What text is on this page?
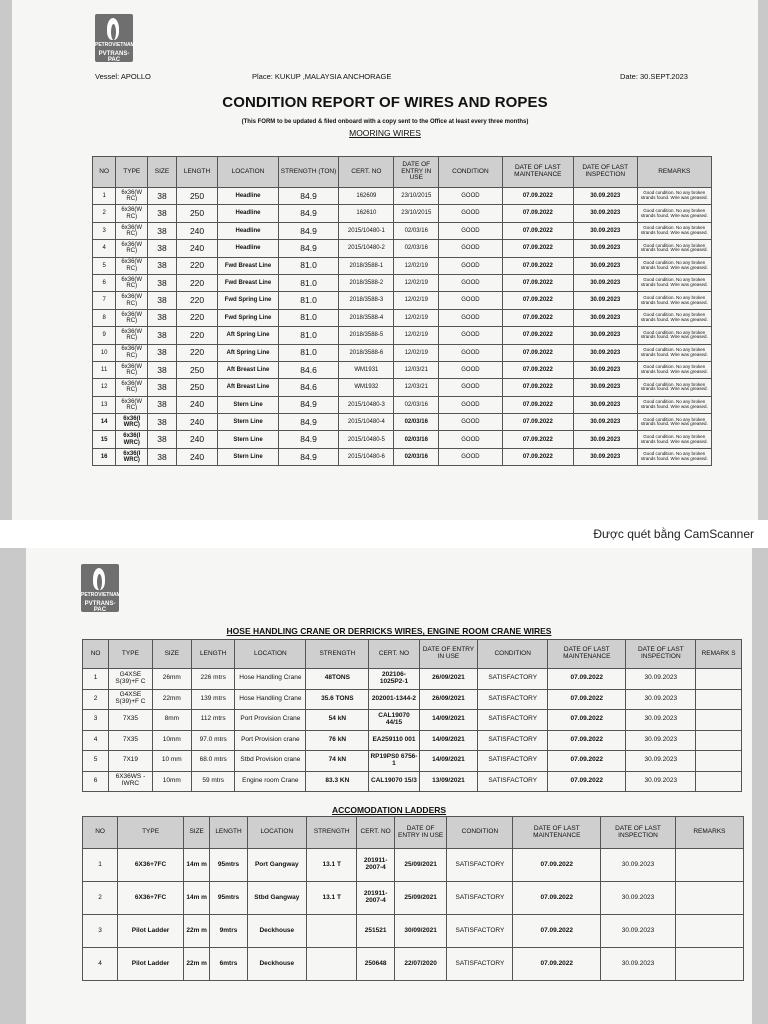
PETROVIETNAM
PVTRANS-PAC
Vessel: APOLLO	Place: KUKUP ,MALAYSIA ANCHORAGE	Date: 30.SEPT.2023
CONDITION REPORT OF WIRES AND ROPES
(This FORM to be updated & filed onboard with a copy sent to the Office at least every three months)
MOORING WIRES
NO	TYPE	SIZE	LENGTH	LOCATION	STRENGTH (TON)	CERT. NO	DATE OF ENTRY IN USE	CONDITION	DATE OF LAST MAINTENANCE	DATE OF LAST INSPECTION	REMARKS
1	6x36(W RC)	38	250	Headline	84.9	162609	23/10/2015	GOOD	07.09.2022	30.09.2023	Good condition. No any broken strands found. Wire was greased.
2	6x36(W RC)	38	250	Headline	84.9	162610	23/10/2015	GOOD	07.09.2022	30.09.2023	Good condition. No any broken strands found. Wire was greased.
3	6x36(W RC)	38	240	Headline	84.9	2015/10480-1	02/03/16	GOOD	07.09.2022	30.09.2023	Good condition. No any broken strands found. Wire was greased.
4	6x36(W RC)	38	240	Headline	84.9	2015/10480-2	02/03/16	GOOD	07.09.2022	30.09.2023	Good condition. No any broken strands found. Wire was greased.
5	6x36(W RC)	38	220	Fwd Breast Line	81.0	2018/3588-1	12/02/19	GOOD	07.09.2022	30.09.2023	Good condition. No any broken strands found. Wire was greased.
6	6x36(W RC)	38	220	Fwd Breast Line	81.0	2018/3588-2	12/02/19	GOOD	07.09.2022	30.09.2023	Good condition. No any broken strands found. Wire was greased.
7	6x36(W RC)	38	220	Fwd Spring Line	81.0	2018/3588-3	12/02/19	GOOD	07.09.2022	30.09.2023	Good condition. No any broken strands found. Wire was greased.
8	6x36(W RC)	38	220	Fwd Spring Line	81.0	2018/3588-4	12/02/19	GOOD	07.09.2022	30.09.2023	Good condition. No any broken strands found. Wire was greased.
9	6x36(W RC)	38	220	Aft Spring Line	81.0	2018/3588-5	12/02/19	GOOD	07.09.2022	30.09.2023	Good condition. No any broken strands found. Wire was greased.
10	6x36(W RC)	38	220	Aft Spring Line	81.0	2018/3588-6	12/02/19	GOOD	07.09.2022	30.09.2023	Good condition. No any broken strands found. Wire was greased.
11	6x36(W RC)	38	250	Aft Breast Line	84.6	WM1931	12/03/21	GOOD	07.09.2022	30.09.2023	Good condition. No any broken strands found. Wire was greased.
12	6x36(W RC)	38	250	Aft Breast Line	84.6	WM1932	12/03/21	GOOD	07.09.2022	30.09.2023	Good condition. No any broken strands found. Wire was greased.
13	6x36(W RC)	38	240	Stern Line	84.9	2015/10480-3	02/03/16	GOOD	07.09.2022	30.09.2023	Good condition. No any broken strands found. Wire was greased.
14	6x36(I WRC)	38	240	Stern Line	84.9	2015/10480-4	02/03/16	GOOD	07.09.2022	30.09.2023	Good condition. No any broken strands found. Wire was greased.
15	6x36(I WRC)	38	240	Stern Line	84.9	2015/10480-5	02/03/16	GOOD	07.09.2022	30.09.2023	Good condition. No any broken strands found. Wire was greased.
16	6x36(I WRC)	38	240	Stern Line	84.9	2015/10480-6	02/03/16	GOOD	07.09.2022	30.09.2023	Good condition. No any broken strands found. Wire was greased.
Được quét bằng CamScanner
PETROVIETNAM
PVTRANS-PAC
HOSE HANDLING CRANE OR DERRICKS WIRES, ENGINE ROOM CRANE WIRES
NO	TYPE	SIZE	LENGTH	LOCATION	STRENGTH	CERT. NO	DATE OF ENTRY IN USE	CONDITION	DATE OF LAST MAINTENANCE	DATE OF LAST INSPECTION	REMARK S
1	G4XSE S(39)+F C	26mm	226 mtrs	Hose Handling Crane	48TONS	202106-1025P2-1	26/09/2021	SATISFACTORY	07.09.2022	30.09.2023	
2	G4XSE S(39)+F C	22mm	139 mtrs	Hose Handling Crane	35.6 TONS	202001-1344-2	26/09/2021	SATISFACTORY	07.09.2022	30.09.2023	
3	7X35	8mm	112 mtrs	Port Provision Crane	54 kN	CAL19070 44/15	14/09/2021	SATISFACTORY	07.09.2022	30.09.2023	
4	7X35	10mm	97.0 mtrs	Port Provision crane	76 kN	EA259110 001	14/09/2021	SATISFACTORY	07.09.2022	30.09.2023	
5	7X19	10 mm	68.0 mtrs	Stbd Provision crane	74 kN	RP19PS0 6756-1	14/09/2021	SATISFACTORY	07.09.2022	30.09.2023	
6	6X36WS -IWRC	10mm	59 mtrs	Engine room Crane	83.3 KN	CAL19070 15/3	13/09/2021	SATISFACTORY	07.09.2022	30.09.2023	
ACCOMODATION LADDERS
NO	TYPE	SIZE	LENGTH	LOCATION	STRENGTH	CERT. NO	DATE OF ENTRY IN USE	CONDITION	DATE OF LAST MAINTENANCE	DATE OF LAST INSPECTION	REMARKS
1	6X36+7FC	14m m	95mtrs	Port Gangway	13.1 T	201911-2007-4	25/09/2021	SATISFACTORY	07.09.2022	30.09.2023	
2	6X36+7FC	14m m	95mtrs	Stbd Gangway	13.1 T	201911-2007-4	25/09/2021	SATISFACTORY	07.09.2022	30.09.2023	
3	Pilot Ladder	22m m	9mtrs	Deckhouse		251521	30/09/2021	SATISFACTORY	07.09.2022	30.09.2023	
4	Pilot Ladder	22m m	6mtrs	Deckhouse		250648	22/07/2020	SATISFACTORY	07.09.2022	30.09.2023	
